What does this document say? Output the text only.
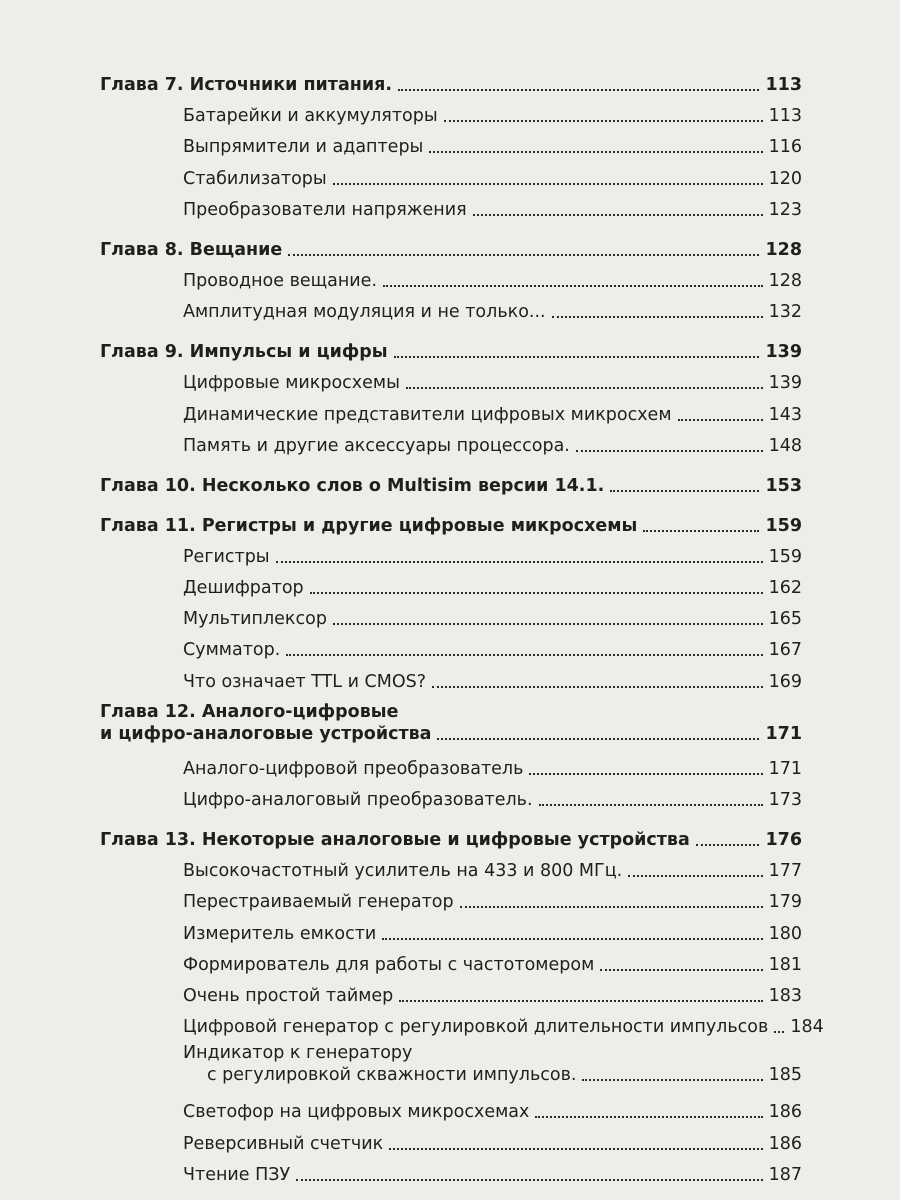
Глава 7. Источники питания.	113
Батарейки и аккумуляторы	113
Выпрямители и адаптеры	116
Стабилизаторы	120
Преобразователи напряжения	123
Глава 8. Вещание	128
Проводное вещание.	128
Амплитудная модуляция и не только...	132
Глава 9. Импульсы и цифры	139
Цифровые микросхемы	139
Динамические представители цифровых микросхем	143
Память и другие аксессуары процессора.	148
Глава 10. Несколько слов о Multisim версии 14.1.	153
Глава 11. Регистры и другие цифровые микросхемы	159
Регистры	159
Дешифратор	162
Мультиплексор	165
Сумматор.	167
Что означает TTL и CMOS?	169
Глава 12. Аналого-цифровые
и цифро-аналоговые устройства	171
Аналого-цифровой преобразователь	171
Цифро-аналоговый преобразователь.	173
Глава 13. Некоторые аналоговые и цифровые устройства	176
Высокочастотный усилитель на 433 и 800 МГц.	177
Перестраиваемый генератор	179
Измеритель емкости	180
Формирователь для работы с частотомером	181
Очень простой таймер	183
Цифровой генератор с регулировкой длительности импульсов 184
Индикатор к генератору
с регулировкой скважности импульсов.	185
Светофор на цифровых микросхемах	186
Реверсивный счетчик	186
Чтение ПЗУ	187
